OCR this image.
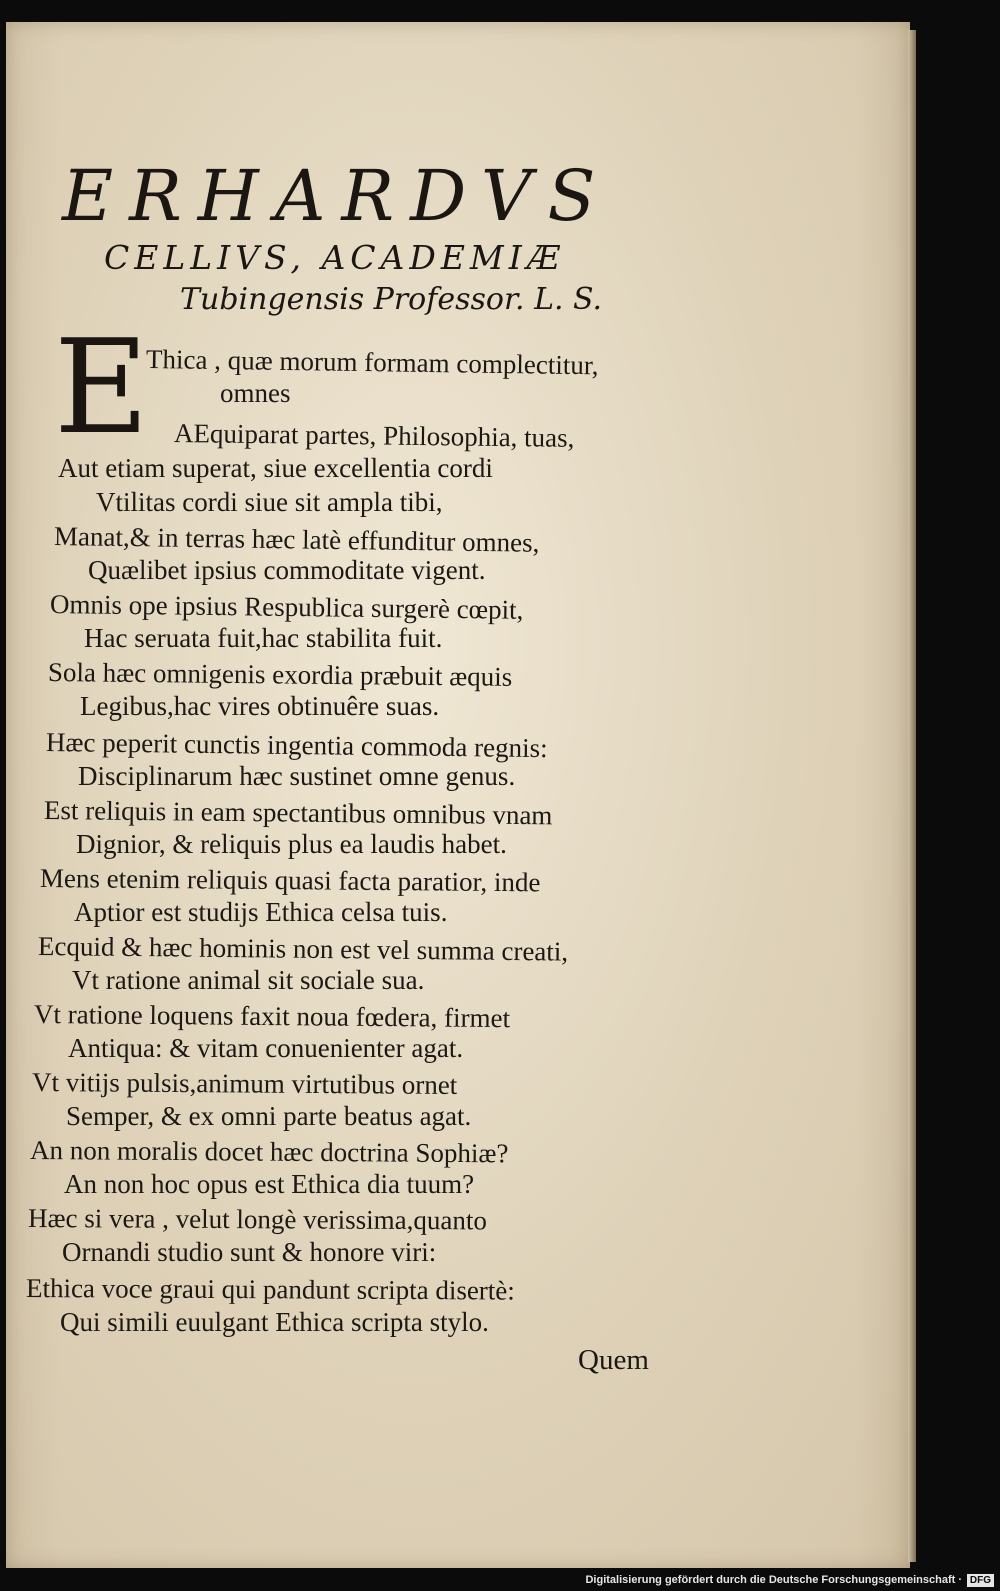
ERHARDVS
CELLIVS, ACADEMIÆ
Tubingensis Professor. L. S.
E
Thica , quæ morum formam complectitur,
omnes
AEquiparat partes, Philosophia, tuas,
Aut etiam superat, siue excellentia cordi
Vtilitas cordi siue sit ampla tibi,
Manat,& in terras hæc latè effunditur omnes,
Quælibet ipsius commoditate vigent.
Omnis ope ipsius Respublica surgerè cœpit,
Hac seruata fuit,hac stabilita fuit.
Sola hæc omnigenis exordia præbuit æquis
Legibus,hac vires obtinuêre suas.
Hæc peperit cunctis ingentia commoda regnis:
Disciplinarum hæc sustinet omne genus.
Est reliquis in eam spectantibus omnibus vnam
Dignior, & reliquis plus ea laudis habet.
Mens etenim reliquis quasi facta paratior, inde
Aptior est studijs Ethica celsa tuis.
Ecquid & hæc hominis non est vel summa creati,
Vt ratione animal sit sociale sua.
Vt ratione loquens faxit noua fœdera, firmet
Antiqua: & vitam conuenienter agat.
Vt vitijs pulsis,animum virtutibus ornet
Semper, & ex omni parte beatus agat.
An non moralis docet hæc doctrina Sophiæ?
An non hoc opus est Ethica dia tuum?
Hæc si vera , velut longè verissima,quanto
Ornandi studio sunt & honore viri:
Ethica voce graui qui pandunt scripta disertè:
Qui simili euulgant Ethica scripta stylo.
Quem
Digitalisierung gefördert durch die Deutsche Forschungsgemeinschaft · DFG
